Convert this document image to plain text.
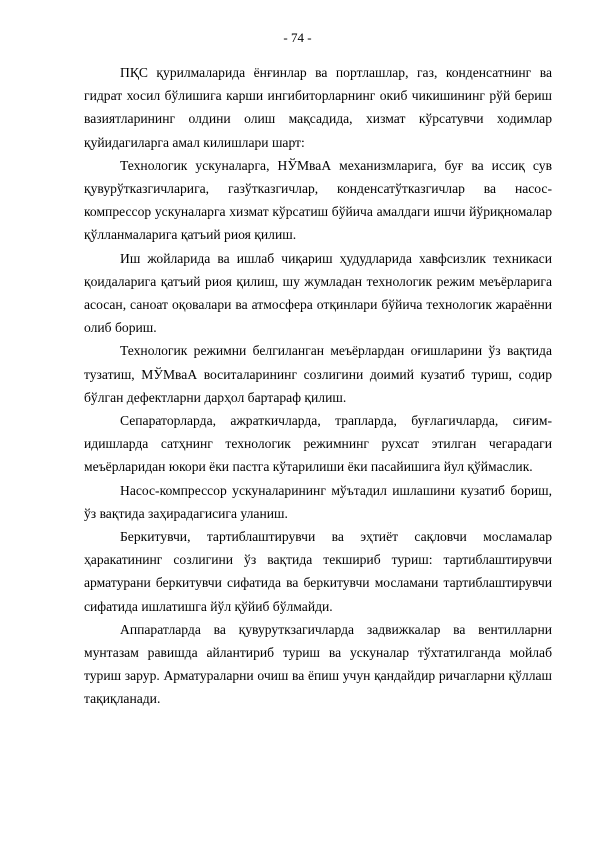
- 74 -

ПҚС қурилмаларида ёнғинлар ва портлашлар, газ, конденсатнинг ва гидрат хосил бўлишига карши ингибиторларнинг окиб чикишининг рўй бериш вазиятларининг олдини олиш мақсадида, хизмат кўрсатувчи ходимлар қуйидагиларга амал килишлари шарт:

Технологик ускуналарга, НЎМваА механизмларига, буғ ва иссиқ сув қувурўтказгичларига, газўтказгичлар, конденсатўтказгичлар ва насос-компрессор ускуналарга хизмат кўрсатиш бўйича амалдаги ишчи йўриқномалар қўлланмаларига қатъий риоя қилиш.

Иш жойларида ва ишлаб чиқариш ҳудудларида хавфсизлик техникаси қоидаларига қатъий риоя қилиш, шу жумладан технологик режим меъёрларига асосан, саноат оқовалари ва атмосфера отқинлари бўйича технологик жараённи олиб бориш.

Технологик режимни белгиланган меъёрлардан оғишларини ўз вақтида тузатиш, МЎМваА воситаларининг созлигини доимий кузатиб туриш, содир бўлган дефектларни дарҳол бартараф қилиш.

Сепараторларда, ажраткичларда, трапларда, буғлагичларда, сиғим-идишларда сатҳнинг технологик режимнинг рухсат этилган чегарадаги меъёрларидан юкори ёки пастга кўтарилиши ёки пасайишига йул қўймаслик.

Насос-компрессор ускуналарининг мўътадил ишлашини кузатиб бориш, ўз вақтида заҳирадагисига уланиш.

Беркитувчи, тартиблаштирувчи ва эҳтиёт сақловчи мосламалар ҳаракатининг созлигини ўз вақтида текшириб туриш: тартиблаштирувчи арматурани беркитувчи сифатида ва беркитувчи мосламани тартиблаштирувчи сифатида ишлатишга йўл қўйиб бўлмайди.

Аппаратларда ва қувуруткзагичларда задвижкалар ва вентилларни мунтазам равишда айлантириб туриш ва ускуналар тўхтатилганда мойлаб туриш зарур. Арматураларни очиш ва ёпиш учун қандайдир ричагларни қўллаш тақиқланади.
